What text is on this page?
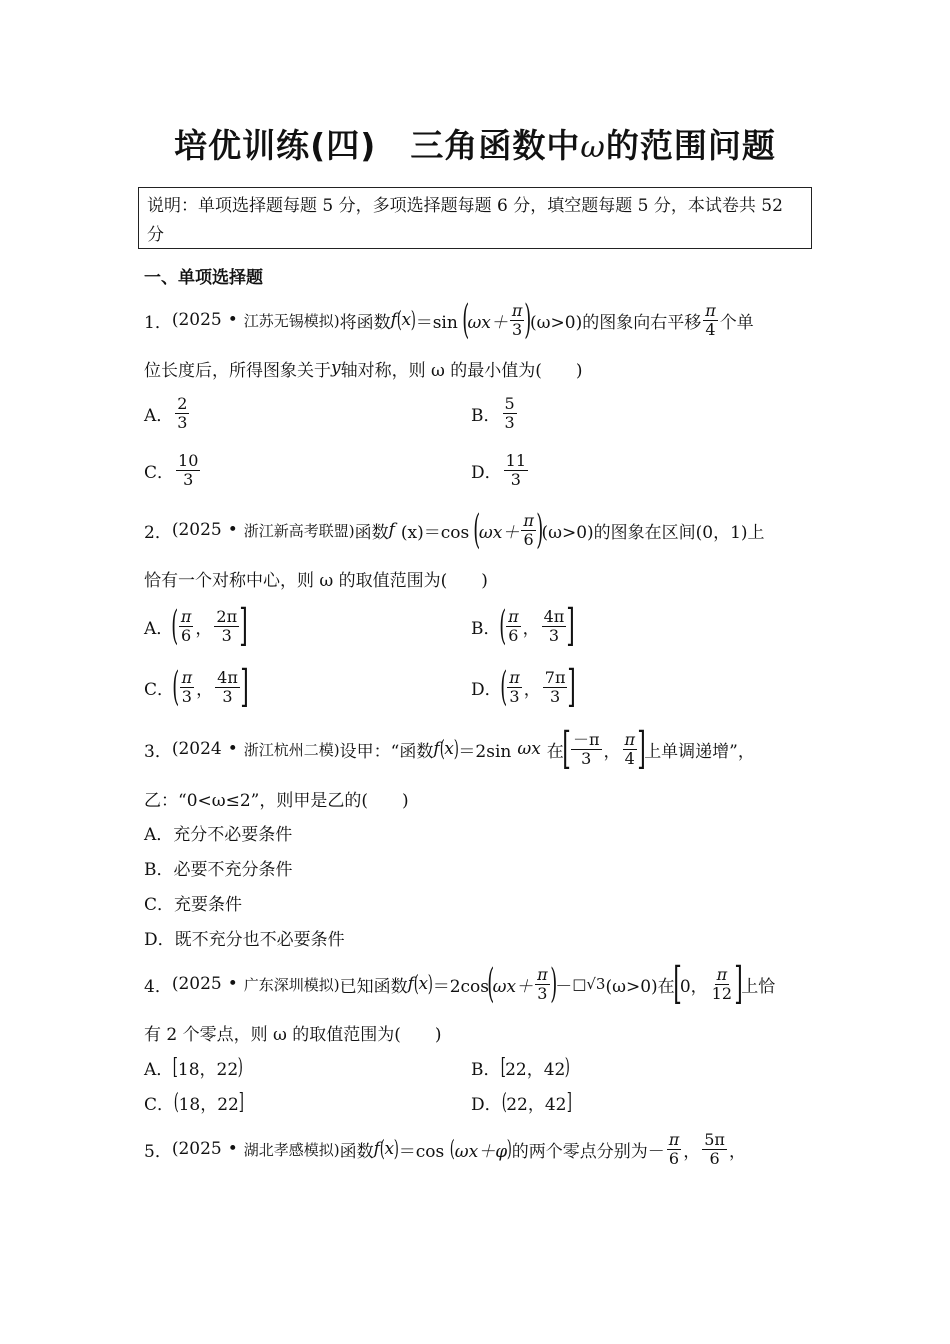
培优训练(四)　三角函数中ω的范围问题
说明：单项选择题每题 5 分，多项选择题每题 6 分，填空题每题 5 分，本试卷共 52 分
一、单项选择题
1． (2025 • 江苏无锡模拟) 将函数 f ( x ) ＝sin (
$\omega x+ \frac{\pi}{3}$ )
(ω>0)的图象向右平移 $\frac{\pi}{4}$ 个单
位长度后，所得图象关于 y 轴对称，则 ω 的最小值为(　　)
A． $\frac{2}{3}$	B． $\frac{5}{3}$
C． $\frac{10}{3}$	D． $\frac{11}{3}$
2． (2025 • 浙江新高考联盟) 函数 f (x)＝cos (
$\omega x+ \frac{\pi}{6}$ )
(ω>0)的图象在区间(0，1)上
恰有一个对称中心，则 ω 的取值范围为(　　)
A．
( $\frac{\pi}{6}$ ， $\frac{2\pi}{3}$ ]	B．
( $\frac{\pi}{6}$ ， $\frac{4\pi}{3}$ ]
C．
( $\frac{\pi}{3}$ ， $\frac{4\pi}{3}$ ]	D．
( $\frac{\pi}{3}$ ， $\frac{7\pi}{3}$ ]
3． (2024 • 浙江杭州二模) 设甲：“函数 f ( x ) ＝2sin ωx 在
[ $\frac{-\pi}{3}$ ， $\frac{\pi}{4}$ ]
上单调递增”，
乙：“0<ω≤2”，则甲是乙的(　　)
A．充分不必要条件
B．必要不充分条件
C．充要条件
D．既不充分也不必要条件
4． (2025 • 广东深圳模拟) 已知函数 f ( x ) ＝2cos
(
$\omega x+ \frac{\pi}{3}$ )
－ □√3 (ω>0)在
[
0， $\frac{\pi}{12}$ ]
上恰
有 2 个零点，则 ω 的取值范围为(　　)
A． [ 18，22 )	B． [ 22，42 )
C． ( 18，22 ]	D． ( 22，42 ]
5． (2025 • 湖北孝感模拟) 函数 f ( x ) ＝cos ( ωx＋φ ) 的两个零点分别为－ $\frac{\pi}{6}$ ， $\frac{5\pi}{6}$ ，
